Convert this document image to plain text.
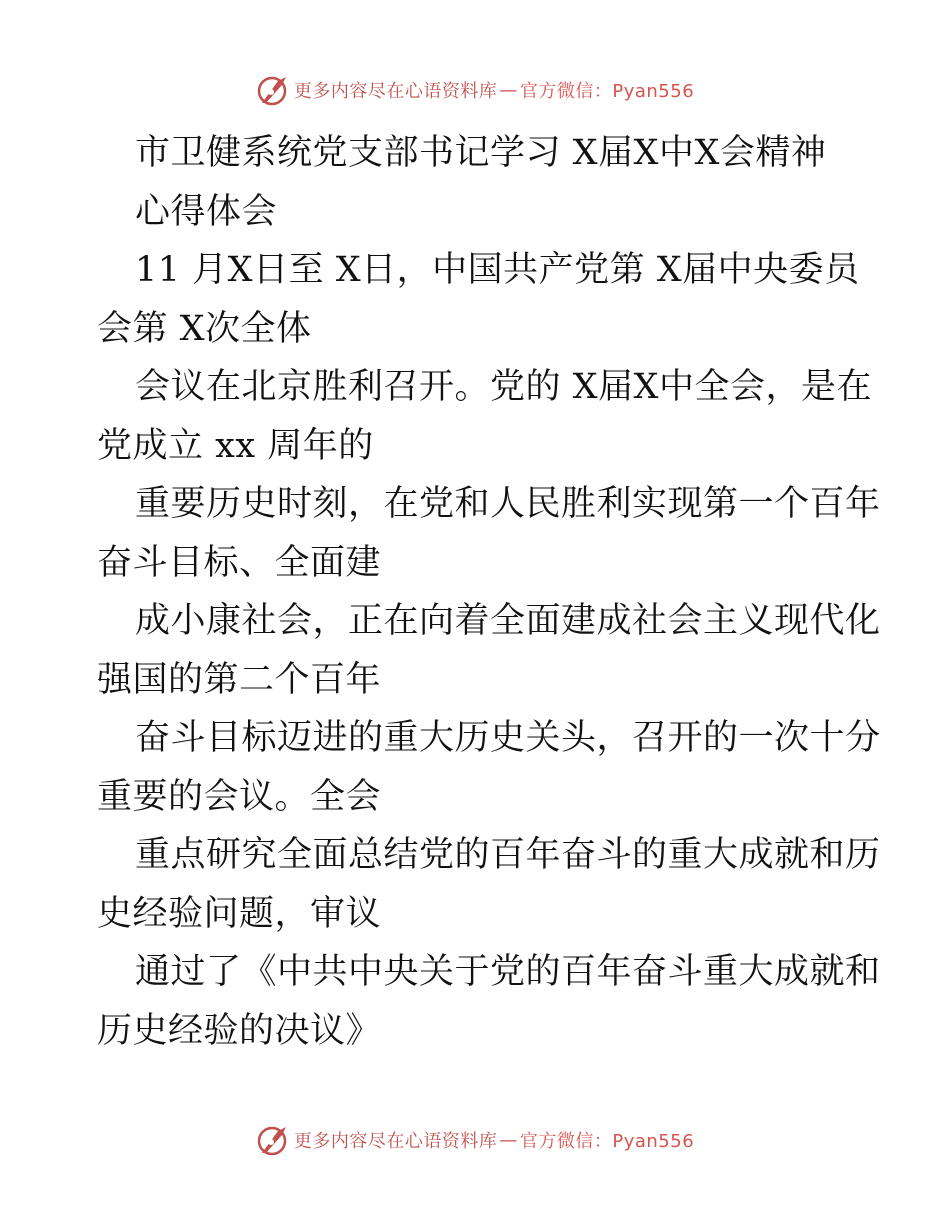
更多内容尽在心语资料库 — 官方微信：Pyan556
市卫健系统党支部书记学习 X届X中X会精神
心得体会
11 月X日至 X日，中国共产党第 X届中央委员
会第 X次全体
会议在北京胜利召开。党的 X届X中全会，是在
党成立 xx 周年的
重要历史时刻，在党和人民胜利实现第一个百年
奋斗目标、全面建
成小康社会，正在向着全面建成社会主义现代化
强国的第二个百年
奋斗目标迈进的重大历史关头，召开的一次十分
重要的会议。全会
重点研究全面总结党的百年奋斗的重大成就和历
史经验问题，审议
通过了《中共中央关于党的百年奋斗重大成就和
历史经验的决议》
更多内容尽在心语资料库 — 官方微信：Pyan556
